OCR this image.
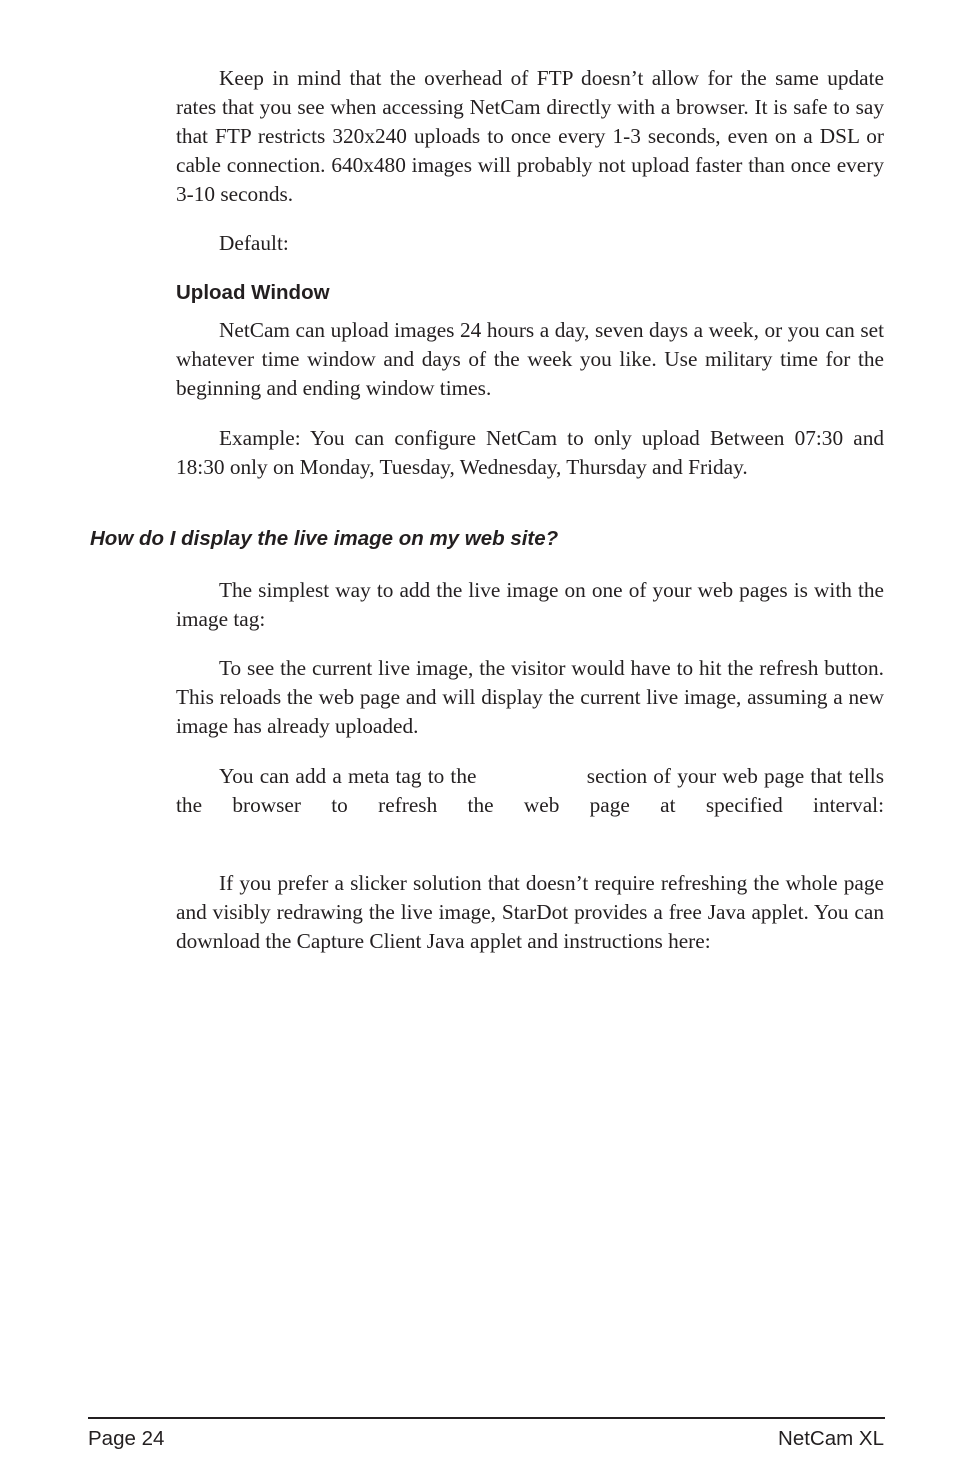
Keep in mind that the overhead of FTP doesn’t allow for the same update rates that you see when accessing NetCam directly with a browser. It is safe to say that FTP restricts 320x240 uploads to once every 1-3 seconds, even on a DSL or cable connection. 640x480 images will probably not upload faster than once every 3-10 seconds.

Default:

Upload Window

NetCam can upload images 24 hours a day, seven days a week, or you can set whatever time window and days of the week you like. Use military time for the beginning and ending window times.

Example: You can configure NetCam to only upload Between 07:30 and 18:30 only on Monday, Tuesday, Wednesday, Thursday and Friday.

How do I display the live image on my web site?

The simplest way to add the live image on one of your web pages is with the image tag:

To see the current live image, the visitor would have to hit the refresh button. This reloads the web page and will display the current live image, assuming a new image has already uploaded.

You can add a meta tag to the	section of your web page that tells the browser to refresh the web page at specified interval:

If you prefer a slicker solution that doesn’t require refreshing the whole page and visibly redrawing the live image, StarDot provides a free Java applet. You can download the Capture Client Java applet and instructions here:

Page 24	NetCam XL
